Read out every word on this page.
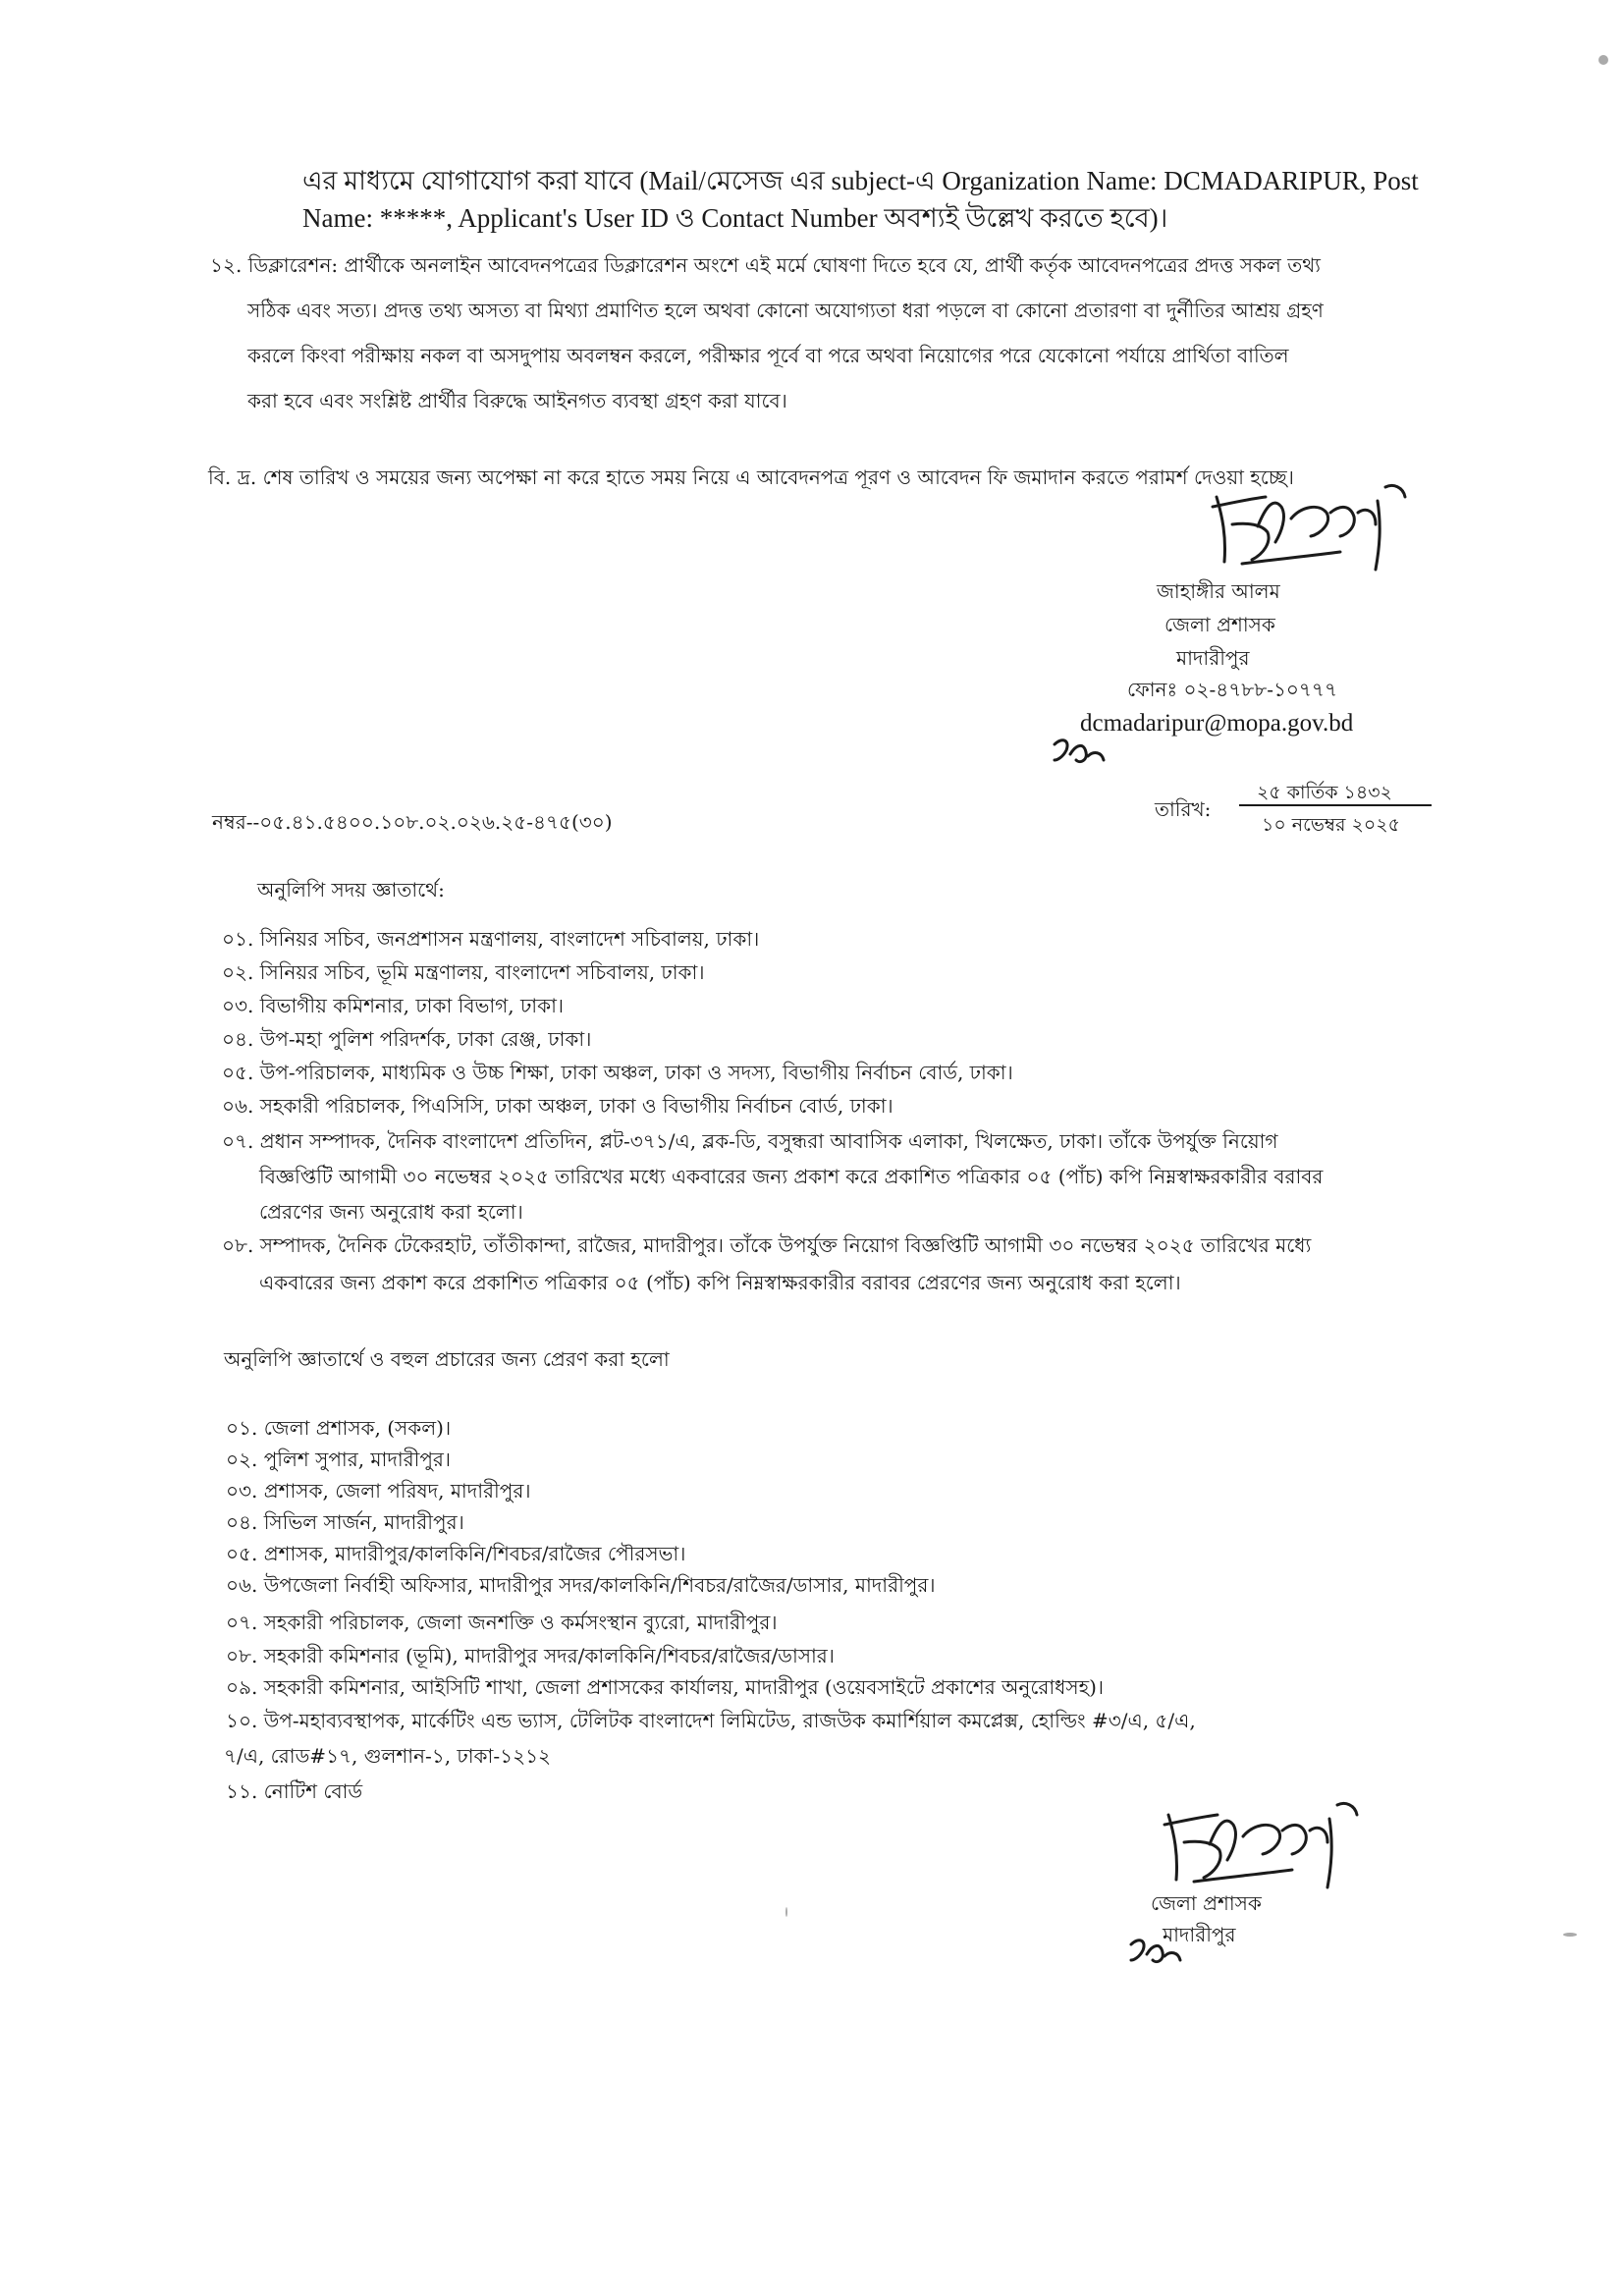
এর মাধ্যমে যোগাযোগ করা যাবে (Mail/মেসেজ এর subject-এ Organization Name: DCMADARIPUR, Post
Name: *****, Applicant's User ID ও Contact Number অবশ্যই উল্লেখ করতে হবে)।
১২. ডিক্লারেশন: প্রার্থীকে অনলাইন আবেদনপত্রের ডিক্লারেশন অংশে এই মর্মে ঘোষণা দিতে হবে যে, প্রার্থী কর্তৃক আবেদনপত্রের প্রদত্ত সকল তথ্য
সঠিক এবং সত্য। প্রদত্ত তথ্য অসত্য বা মিথ্যা প্রমাণিত হলে অথবা কোনো অযোগ্যতা ধরা পড়লে বা কোনো প্রতারণা বা দুর্নীতির আশ্রয় গ্রহণ
করলে কিংবা পরীক্ষায় নকল বা অসদুপায় অবলম্বন করলে, পরীক্ষার পূর্বে বা পরে অথবা নিয়োগের পরে যেকোনো পর্যায়ে প্রার্থিতা বাতিল
করা হবে এবং সংশ্লিষ্ট প্রার্থীর বিরুদ্ধে আইনগত ব্যবস্থা গ্রহণ করা যাবে।
বি. দ্র. শেষ তারিখ ও সময়ের জন্য অপেক্ষা না করে হাতে সময় নিয়ে এ আবেদনপত্র পূরণ ও আবেদন ফি জমাদান করতে পরামর্শ দেওয়া হচ্ছে।
জাহাঙ্গীর আলম
জেলা প্রশাসক
মাদারীপুর
ফোনঃ ০২-৪৭৮৮-১০৭৭৭
dcmadaripur@mopa.gov.bd
নম্বর--০৫.৪১.৫৪০০.১০৮.০২.০২৬.২৫-৪৭৫(৩০)
তারিখ:
২৫ কার্তিক ১৪৩২
১০ নভেম্বর ২০২৫
অনুলিপি সদয় জ্ঞাতার্থে:
০১. সিনিয়র সচিব, জনপ্রশাসন মন্ত্রণালয়, বাংলাদেশ সচিবালয়, ঢাকা।
০২. সিনিয়র সচিব, ভূমি মন্ত্রণালয়, বাংলাদেশ সচিবালয়, ঢাকা।
০৩. বিভাগীয় কমিশনার, ঢাকা বিভাগ, ঢাকা।
০৪. উপ-মহা পুলিশ পরিদর্শক, ঢাকা রেঞ্জ, ঢাকা।
০৫. উপ-পরিচালক, মাধ্যমিক ও উচ্চ শিক্ষা, ঢাকা অঞ্চল, ঢাকা ও সদস্য, বিভাগীয় নির্বাচন বোর্ড, ঢাকা।
০৬. সহকারী পরিচালক, পিএসিসি, ঢাকা অঞ্চল, ঢাকা ও বিভাগীয় নির্বাচন বোর্ড, ঢাকা।
০৭. প্রধান সম্পাদক, দৈনিক বাংলাদেশ প্রতিদিন, প্লট-৩৭১/এ, ব্লক-ডি, বসুন্ধরা আবাসিক এলাকা, খিলক্ষেত, ঢাকা। তাঁকে উপর্যুক্ত নিয়োগ
বিজ্ঞপ্তিটি আগামী ৩০ নভেম্বর ২০২৫ তারিখের মধ্যে একবারের জন্য প্রকাশ করে প্রকাশিত পত্রিকার ০৫ (পাঁচ) কপি নিম্নস্বাক্ষরকারীর বরাবর
প্রেরণের জন্য অনুরোধ করা হলো।
০৮. সম্পাদক, দৈনিক টেকেরহাট, তাঁতীকান্দা, রাজৈর, মাদারীপুর। তাঁকে উপর্যুক্ত নিয়োগ বিজ্ঞপ্তিটি আগামী ৩০ নভেম্বর ২০২৫ তারিখের মধ্যে
একবারের জন্য প্রকাশ করে প্রকাশিত পত্রিকার ০৫ (পাঁচ) কপি নিম্নস্বাক্ষরকারীর বরাবর প্রেরণের জন্য অনুরোধ করা হলো।
অনুলিপি জ্ঞাতার্থে ও বহুল প্রচারের জন্য প্রেরণ করা হলো
০১. জেলা প্রশাসক, (সকল)।
০২. পুলিশ সুপার, মাদারীপুর।
০৩. প্রশাসক, জেলা পরিষদ, মাদারীপুর।
০৪. সিভিল সার্জন, মাদারীপুর।
০৫. প্রশাসক, মাদারীপুর/কালকিনি/শিবচর/রাজৈর পৌরসভা।
০৬. উপজেলা নির্বাহী অফিসার, মাদারীপুর সদর/কালকিনি/শিবচর/রাজৈর/ডাসার, মাদারীপুর।
০৭. সহকারী পরিচালক, জেলা জনশক্তি ও কর্মসংস্থান ব্যুরো, মাদারীপুর।
০৮. সহকারী কমিশনার (ভূমি), মাদারীপুর সদর/কালকিনি/শিবচর/রাজৈর/ডাসার।
০৯. সহকারী কমিশনার, আইসিটি শাখা, জেলা প্রশাসকের কার্যালয়, মাদারীপুর (ওয়েবসাইটে প্রকাশের অনুরোধসহ)।
১০. উপ-মহাব্যবস্থাপক, মার্কেটিং এন্ড ভ্যাস, টেলিটক বাংলাদেশ লিমিটেড, রাজউক কমার্শিয়াল কমপ্লেক্স, হোল্ডিং #৩/এ, ৫/এ,
৭/এ, রোড#১৭, গুলশান-১, ঢাকা-১২১২
১১. নোটিশ বোর্ড
জেলা প্রশাসক
মাদারীপুর
